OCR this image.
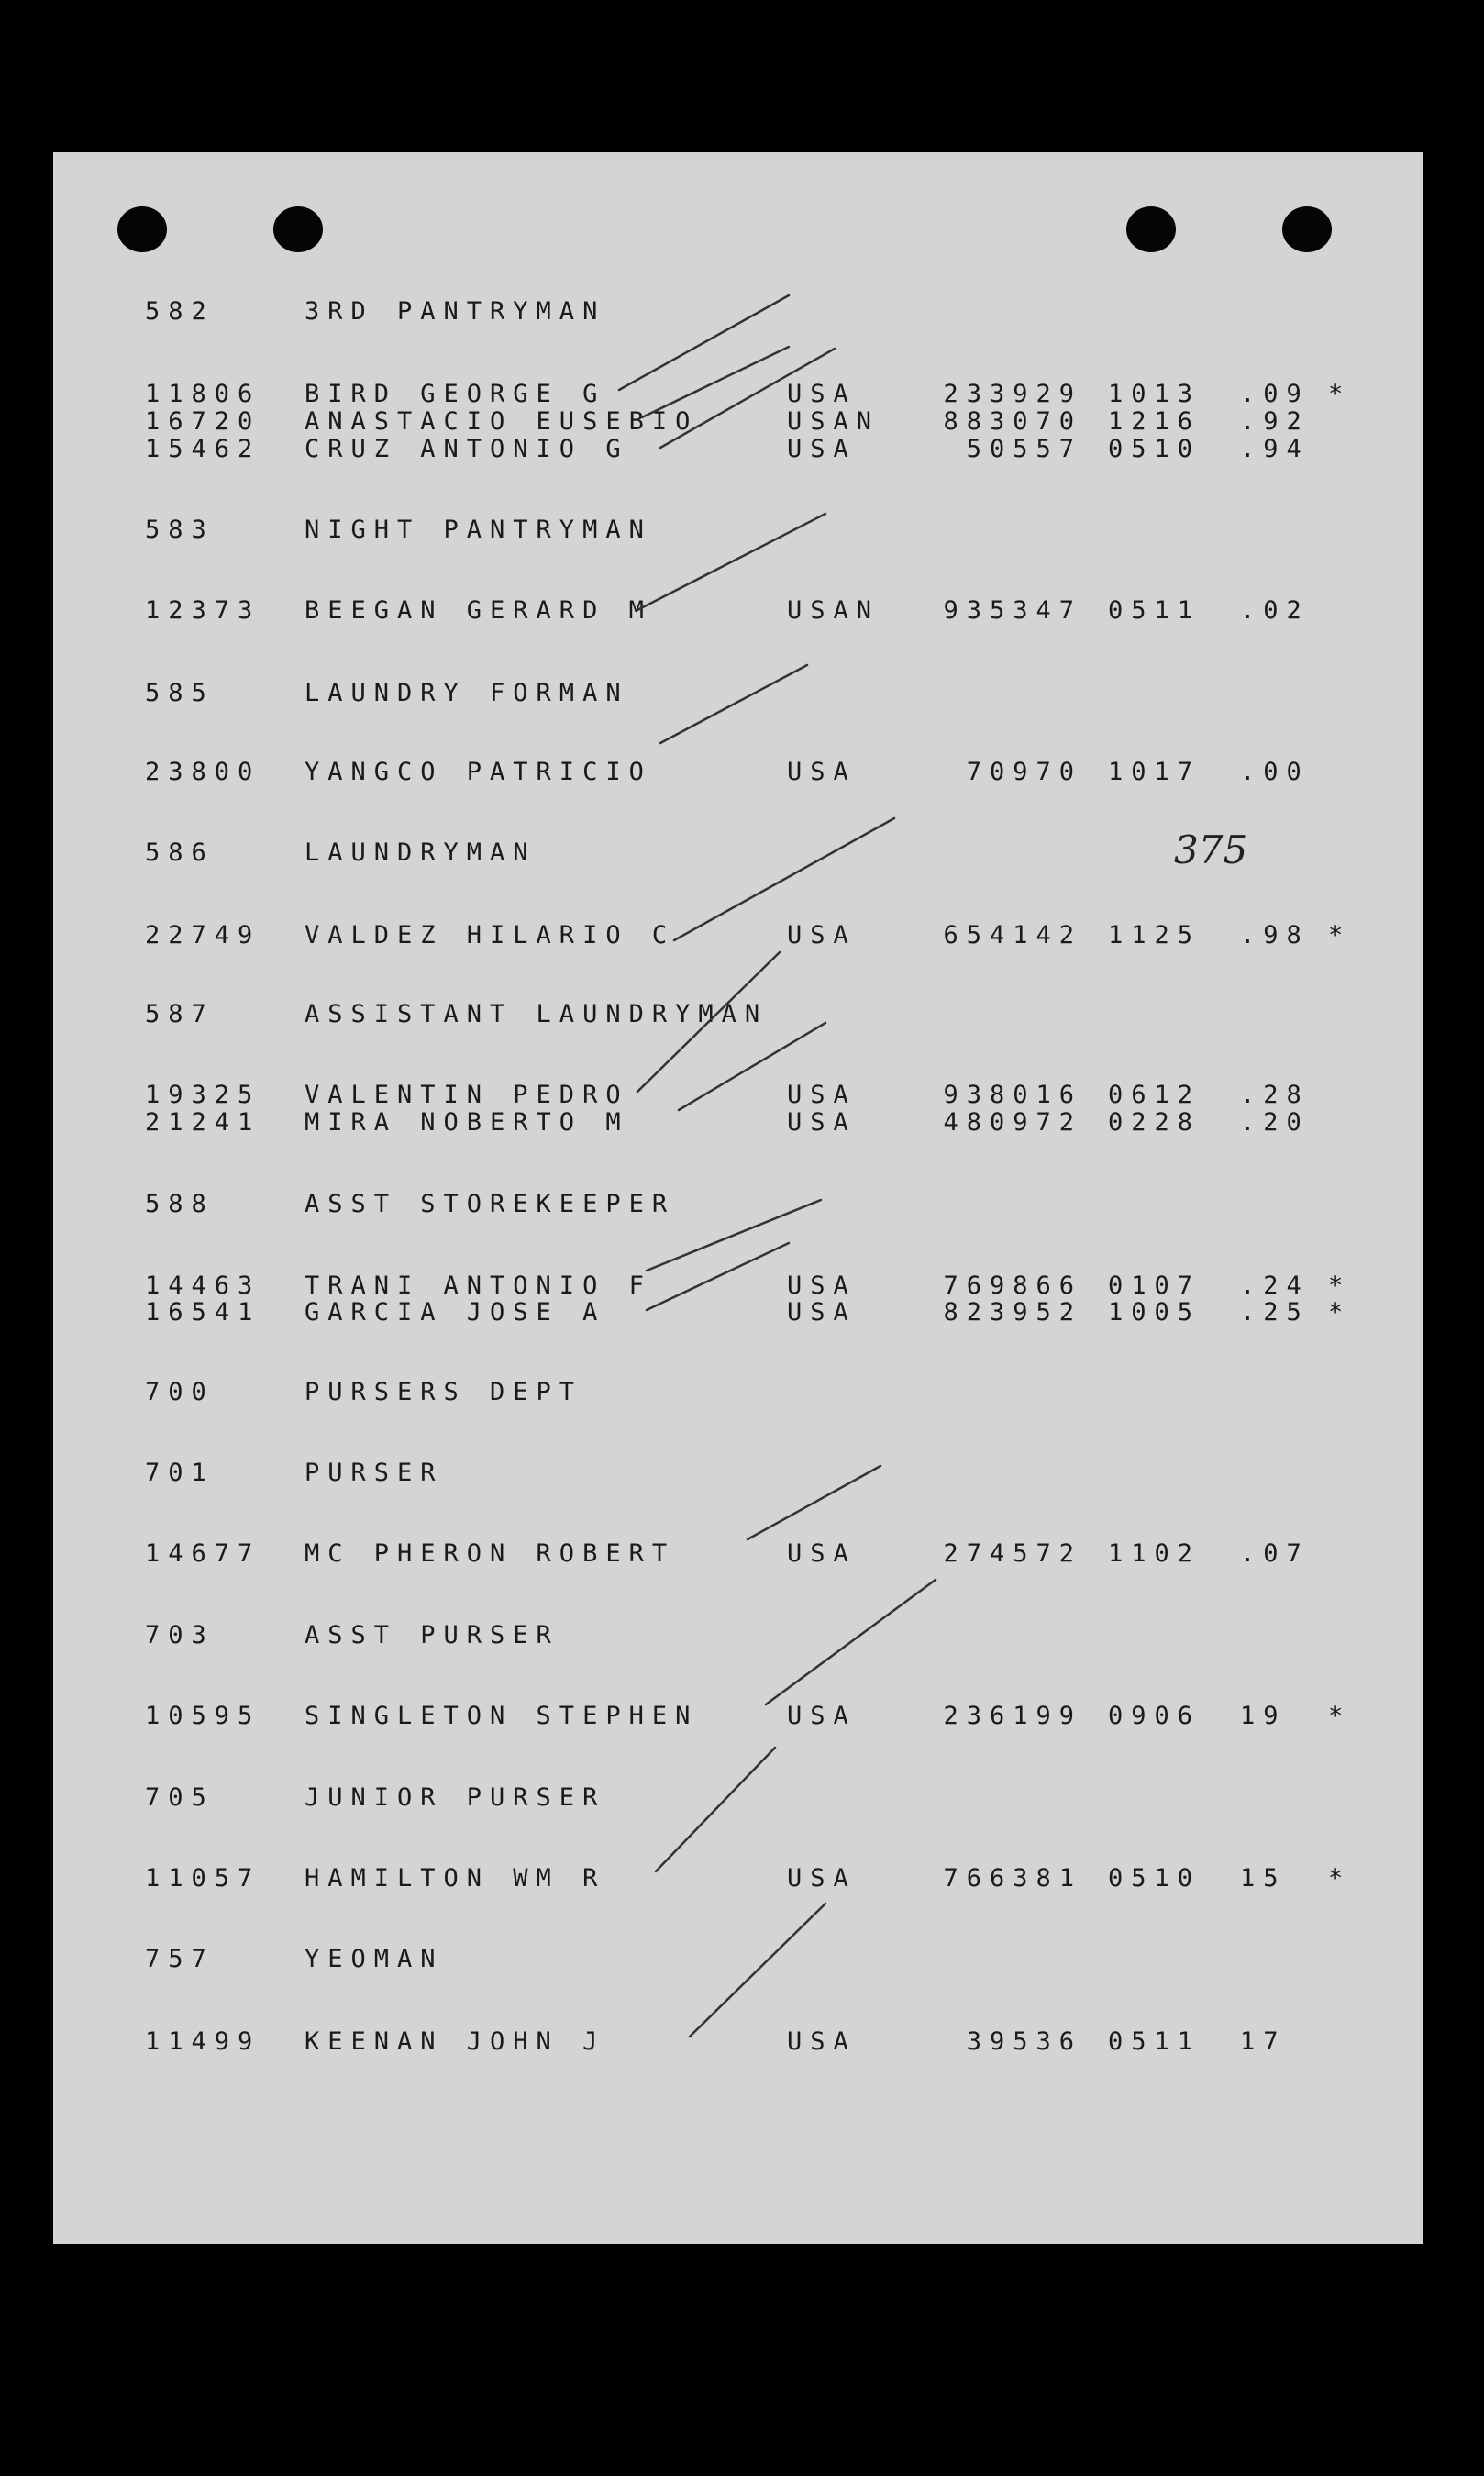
582	3RD PANTRYMAN
11806 BIRD GEORGE G	USA	233929 1013 .09 *
16720 ANASTACIO EUSEBIO	USAN	883070 1216 .92
15462 CRUZ ANTONIO G	USA	50557 0510 .94
583	NIGHT PANTRYMAN
12373 BEEGAN GERARD M	USAN	935347 0511 .02
585	LAUNDRY FORMAN
23800 YANGCO PATRICIO	USA	70970 1017 .00
586	LAUNDRYMAN
22749 VALDEZ HILARIO C	USA	654142 1125 .98 *
587	ASSISTANT LAUNDRYMAN
19325 VALENTIN PEDRO	USA	938016 0612 .28
21241 MIRA NOBERTO M	USA	480972 0228 .20
588	ASST STOREKEEPER
14463 TRANI ANTONIO F	USA	769866 0107 .24 *
16541 GARCIA JOSE A	USA	823952 1005 .25 *
700	PURSERS DEPT
701	PURSER
14677 MC PHERON ROBERT	USA	274572 1102 .07
703	ASST PURSER
10595 SINGLETON STEPHEN	USA	236199 0906 19 *
705	JUNIOR PURSER
11057 HAMILTON WM R	USA	766381 0510 15 *
757	YEOMAN
11499 KEENAN JOHN J	USA	39536 0511 17
375
